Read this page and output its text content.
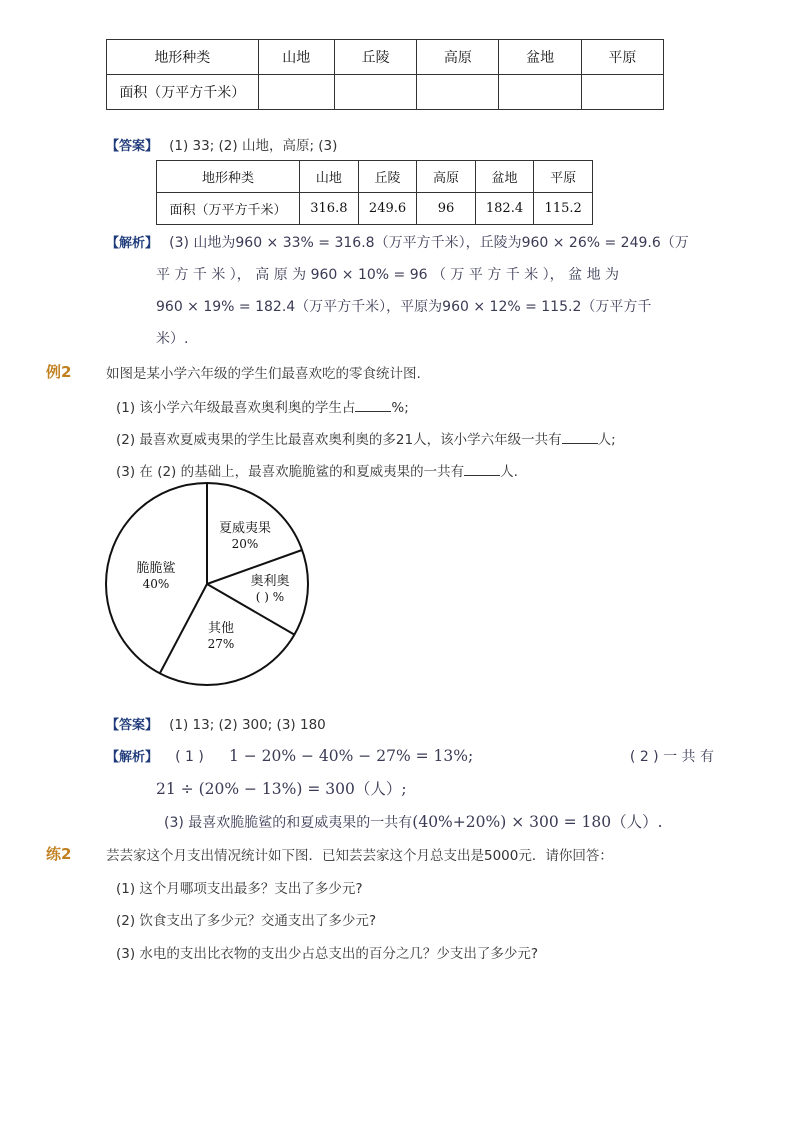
地形种类	山地	丘陵	高原	盆地	平原
面积（万平方千米）					
【答案】 (1) 33; (2) 山地，高原; (3)
地形种类	山地	丘陵	高原	盆地	平原
面积（万平方千米）	316.8	249.6	96	182.4	115.2
【解析】 (3) 山地为960 × 33% = 316.8（万平方千米），丘陵为960 × 26% = 249.6（万
平 方 千 米 ）， 高 原 为 960 × 10% = 96 （ 万 平 方 千 米 ）， 盆 地 为
960 × 19% = 182.4（万平方千米），平原为960 × 12% = 115.2（万平方千
米）.
例2	如图是某小学六年级的学生们最喜欢吃的零食统计图.
(1) 该小学六年级最喜欢奥利奥的学生占	%;
(2) 最喜欢夏威夷果的学生比最喜欢奥利奥的多21人，该小学六年级一共有	人;
(3) 在 (2) 的基础上，最喜欢脆脆鲨的和夏威夷果的一共有	人.
夏威夷果
20%
奥利奥
( ) %
其他
27%
脆脆鲨
40%
【答案】 (1) 13; (2) 300; (3) 180
【解析】 ( 1 ) 1 − 20% − 40% − 27% = 13%;	( 2 ) 一 共 有
21 ÷ (20% − 13%) = 300（人）;
(3) 最喜欢脆脆鲨的和夏威夷果的一共有(40%+20%) × 300 = 180（人）.
练2	芸芸家这个月支出情况统计如下图．已知芸芸家这个月总支出是5000元．请你回答：
(1) 这个月哪项支出最多？支出了多少元?
(2) 饮食支出了多少元？交通支出了多少元?
(3) 水电的支出比衣物的支出少占总支出的百分之几？少支出了多少元?
